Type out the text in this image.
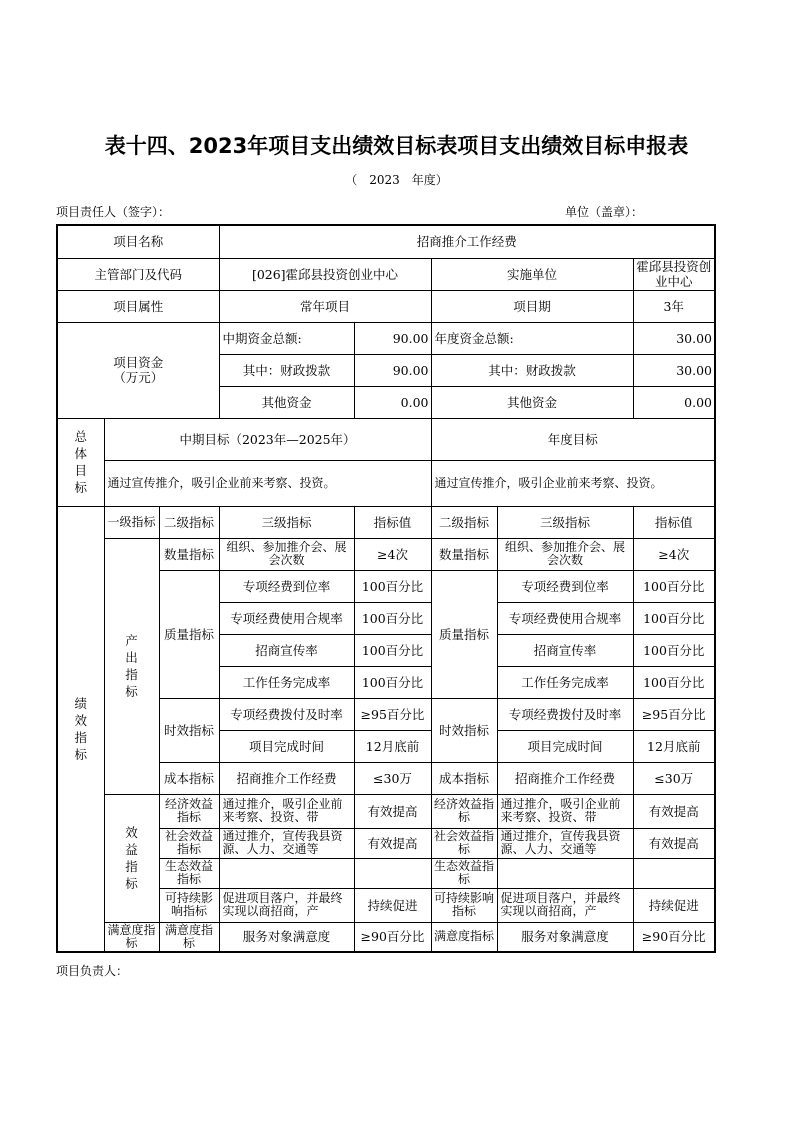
表十四、2023年项目支出绩效目标表项目支出绩效目标申报表
（　2023　年度）
项目责任人（签字）：	单位（盖章）：
项目名称			招商推介工作经费				
主管部门及代码			[026]霍邱县投资创业中心		实施单位		霍邱县投资创业中心
项目属性			常年项目		项目期		3年

项目资金
（万元）			中期资金总额:	90.00	年度资金总额:		30.00
			其中：财政拨款	90.00	其中：财政拨款		30.00
			其他资金	0.00	其他资金		0.00
总体目标	中期目标（2023年—2025年）				年度目标		
	通过宣传推介，吸引企业前来考察、投资。				通过宣传推介，吸引企业前来考察、投资。		
绩效指标	一级指标	二级指标	三级指标	指标值	二级指标	三级指标	指标值
	产出指标	数量指标	组织、参加推介会、展会次数	≥4次	数量指标	组织、参加推介会、展会次数	≥4次
		质量指标	专项经费到位率	100百分比	质量指标	专项经费到位率	100百分比
			专项经费使用合规率	100百分比		专项经费使用合规率	100百分比
			招商宣传率	100百分比		招商宣传率	100百分比
			工作任务完成率	100百分比		工作任务完成率	100百分比
		时效指标	专项经费拨付及时率	≥95百分比	时效指标	专项经费拨付及时率	≥95百分比
			项目完成时间	12月底前		项目完成时间	12月底前
		成本指标	招商推介工作经费	≤30万	成本指标	招商推介工作经费	≤30万
	效益指标	经济效益指标	通过推介，吸引企业前来考察、投资、带	有效提高	经济效益指标	通过推介，吸引企业前来考察、投资、带	有效提高
		社会效益指标	通过推介，宣传我县资源、人力、交通等	有效提高	社会效益指标	通过推介，宣传我县资源、人力、交通等	有效提高
		生态效益指标			生态效益指标		
		可持续影响指标	促进项目落户，并最终实现以商招商，产	持续促进	可持续影响指标	促进项目落户，并最终实现以商招商，产	持续促进
	满意度指标	满意度指标	服务对象满意度	≥90百分比	满意度指标	服务对象满意度	≥90百分比
项目负责人：
